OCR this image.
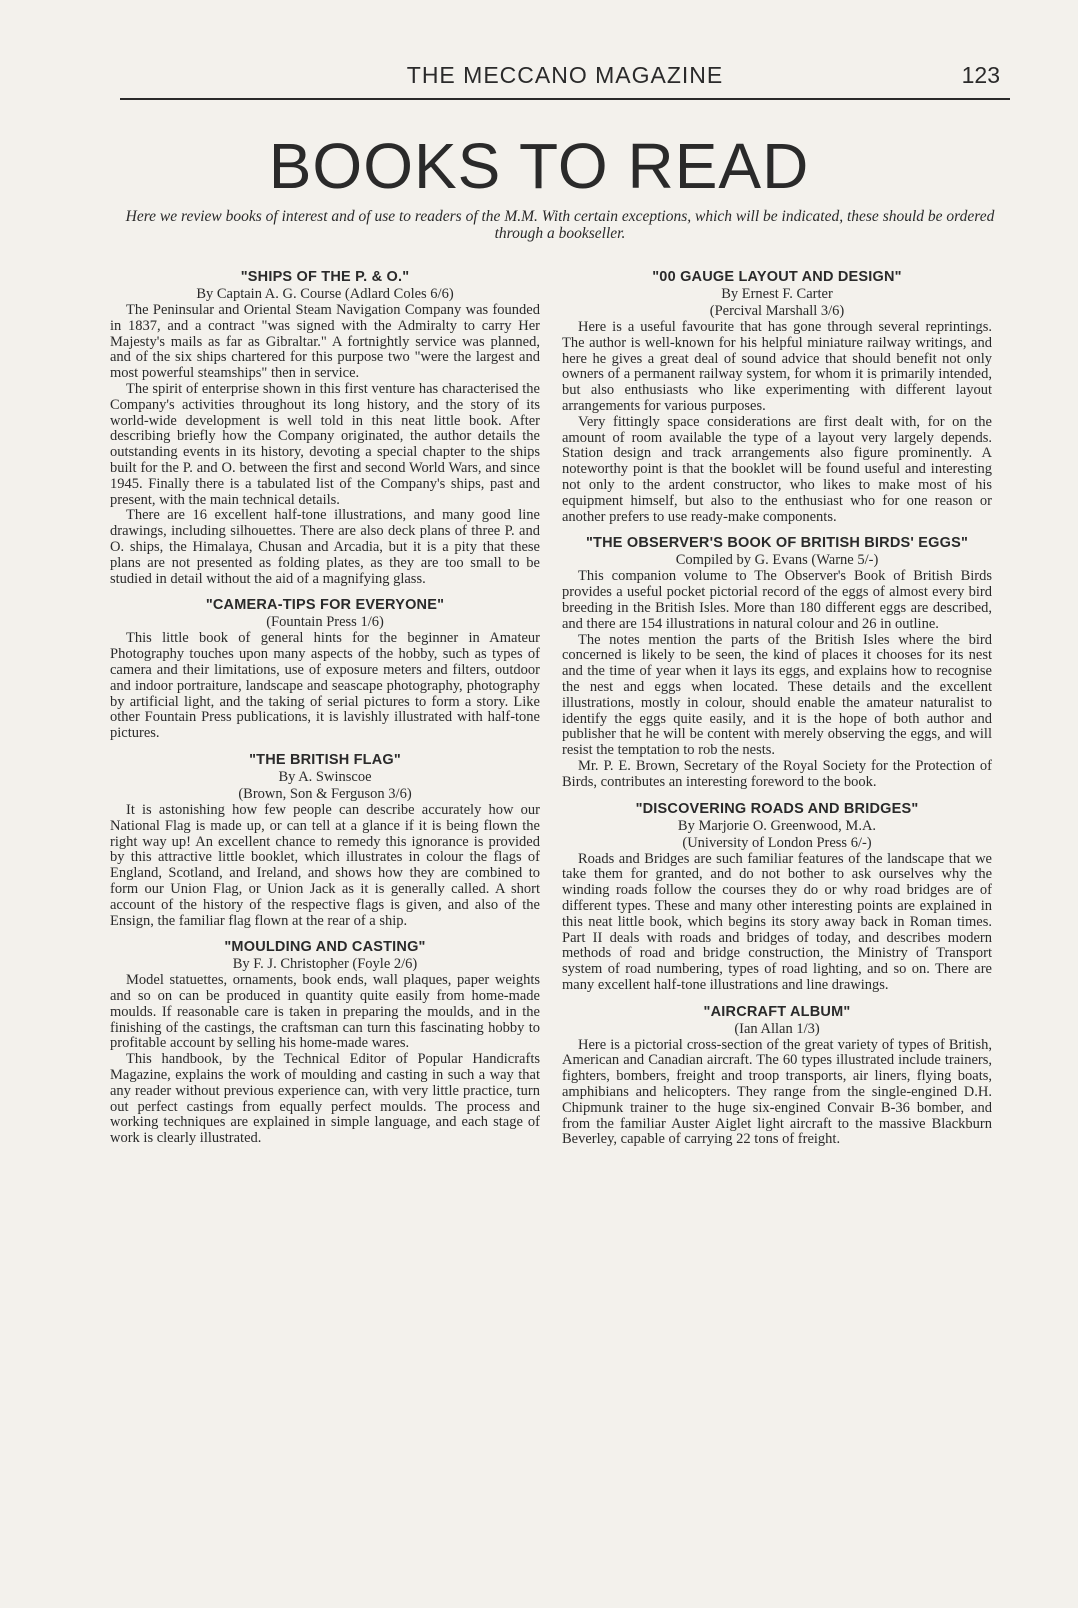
THE MECCANO MAGAZINE	123
BOOKS TO READ

Here we review books of interest and of use to readers of the M.M. With certain exceptions, which will be indicated, these should be ordered through a bookseller.

"SHIPS OF THE P. & O."

By Captain A. G. Course (Adlard Coles 6/6)

The Peninsular and Oriental Steam Navigation Company was founded in 1837, and a contract "was signed with the Admiralty to carry Her Majesty's mails as far as Gibraltar." A fortnightly service was planned, and of the six ships chartered for this purpose two "were the largest and most powerful steamships" then in service.

The spirit of enterprise shown in this first venture has characterised the Company's activities throughout its long history, and the story of its world-wide development is well told in this neat little book. After describing briefly how the Company originated, the author details the outstanding events in its history, devoting a special chapter to the ships built for the P. and O. between the first and second World Wars, and since 1945. Finally there is a tabulated list of the Company's ships, past and present, with the main technical details.

There are 16 excellent half-tone illustrations, and many good line drawings, including silhouettes. There are also deck plans of three P. and O. ships, the Himalaya, Chusan and Arcadia, but it is a pity that these plans are not presented as folding plates, as they are too small to be studied in detail without the aid of a magnifying glass.

"CAMERA-TIPS FOR EVERYONE"

(Fountain Press 1/6)

This little book of general hints for the beginner in Amateur Photography touches upon many aspects of the hobby, such as types of camera and their limitations, use of exposure meters and filters, outdoor and indoor portraiture, landscape and seascape photography, photography by artificial light, and the taking of serial pictures to form a story. Like other Fountain Press publications, it is lavishly illustrated with half-tone pictures.

"THE BRITISH FLAG"

By A. Swinscoe

(Brown, Son & Ferguson 3/6)

It is astonishing how few people can describe accurately how our National Flag is made up, or can tell at a glance if it is being flown the right way up! An excellent chance to remedy this ignorance is provided by this attractive little booklet, which illustrates in colour the flags of England, Scotland, and Ireland, and shows how they are combined to form our Union Flag, or Union Jack as it is generally called. A short account of the history of the respective flags is given, and also of the Ensign, the familiar flag flown at the rear of a ship.

"MOULDING AND CASTING"

By F. J. Christopher (Foyle 2/6)

Model statuettes, ornaments, book ends, wall plaques, paper weights and so on can be produced in quantity quite easily from home-made moulds. If reasonable care is taken in preparing the moulds, and in the finishing of the castings, the craftsman can turn this fascinating hobby to profitable account by selling his home-made wares.

This handbook, by the Technical Editor of Popular Handicrafts Magazine, explains the work of moulding and casting in such a way that any reader without previous experience can, with very little practice, turn out perfect castings from equally perfect moulds. The process and working techniques are explained in simple language, and each stage of work is clearly illustrated.

"00 GAUGE LAYOUT AND DESIGN"

By Ernest F. Carter

(Percival Marshall 3/6)

Here is a useful favourite that has gone through several reprintings. The author is well-known for his helpful miniature railway writings, and here he gives a great deal of sound advice that should benefit not only owners of a permanent railway system, for whom it is primarily intended, but also enthusiasts who like experimenting with different layout arrangements for various purposes.

Very fittingly space considerations are first dealt with, for on the amount of room available the type of a layout very largely depends. Station design and track arrangements also figure prominently. A noteworthy point is that the booklet will be found useful and interesting not only to the ardent constructor, who likes to make most of his equipment himself, but also to the enthusiast who for one reason or another prefers to use ready-make components.

"THE OBSERVER'S BOOK OF BRITISH BIRDS' EGGS"

Compiled by G. Evans (Warne 5/-)

This companion volume to The Observer's Book of British Birds provides a useful pocket pictorial record of the eggs of almost every bird breeding in the British Isles. More than 180 different eggs are described, and there are 154 illustrations in natural colour and 26 in outline.

The notes mention the parts of the British Isles where the bird concerned is likely to be seen, the kind of places it chooses for its nest and the time of year when it lays its eggs, and explains how to recognise the nest and eggs when located. These details and the excellent illustrations, mostly in colour, should enable the amateur naturalist to identify the eggs quite easily, and it is the hope of both author and publisher that he will be content with merely observing the eggs, and will resist the temptation to rob the nests.

Mr. P. E. Brown, Secretary of the Royal Society for the Protection of Birds, contributes an interesting foreword to the book.

"DISCOVERING ROADS AND BRIDGES"

By Marjorie O. Greenwood, M.A.

(University of London Press 6/-)

Roads and Bridges are such familiar features of the landscape that we take them for granted, and do not bother to ask ourselves why the winding roads follow the courses they do or why road bridges are of different types. These and many other interesting points are explained in this neat little book, which begins its story away back in Roman times. Part II deals with roads and bridges of today, and describes modern methods of road and bridge construction, the Ministry of Transport system of road numbering, types of road lighting, and so on. There are many excellent half-tone illustrations and line drawings.

"AIRCRAFT ALBUM"

(Ian Allan 1/3)

Here is a pictorial cross-section of the great variety of types of British, American and Canadian aircraft. The 60 types illustrated include trainers, fighters, bombers, freight and troop transports, air liners, flying boats, amphibians and helicopters. They range from the single-engined D.H. Chipmunk trainer to the huge six-engined Convair B-36 bomber, and from the familiar Auster Aiglet light aircraft to the massive Blackburn Beverley, capable of carrying 22 tons of freight.
